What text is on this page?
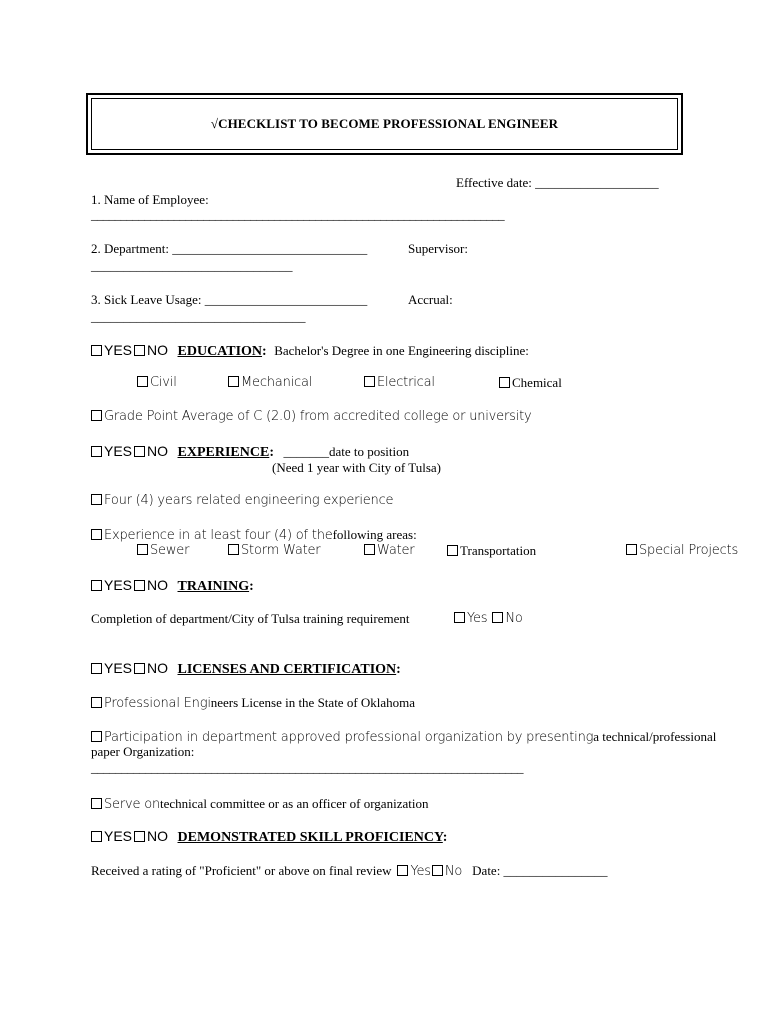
√CHECKLIST TO BECOME PROFESSIONAL ENGINEER
Effective date: ___________________
1. Name of Employee:
______________________________________________________________________
2. Department: ______________________________	Supervisor:
_______________________________
3. Sick Leave Usage: _________________________	Accrual:
_________________________________
YES NO EDUCATION: Bachelor's Degree in one Engineering discipline:
Civil	Mechanical	Electrical	Chemical
Grade Point Average of C (2.0) from accredited college or university
YES NO EXPERIENCE: _______date to position
(Need 1 year with City of Tulsa)
Four (4) years related engineering experience
Experience in at least four (4) of thefollowing areas:
Sewer	Storm Water	Water	Transportation	Special Projects
YES NO TRAINING:
Completion of department/City of Tulsa training requirement	Yes No
YES NO LICENSES AND CERTIFICATION:
Professional Engineers License in the State of Oklahoma
Participation in department approved professional organization by presentinga technical/professional
paper Organization:
________________________________________________________________________
Serve ontechnical committee or as an officer of organization
YES NO DEMONSTRATED SKILL PROFICIENCY:
Received a rating of "Proficient" or above on final review Yes No Date: ________________
